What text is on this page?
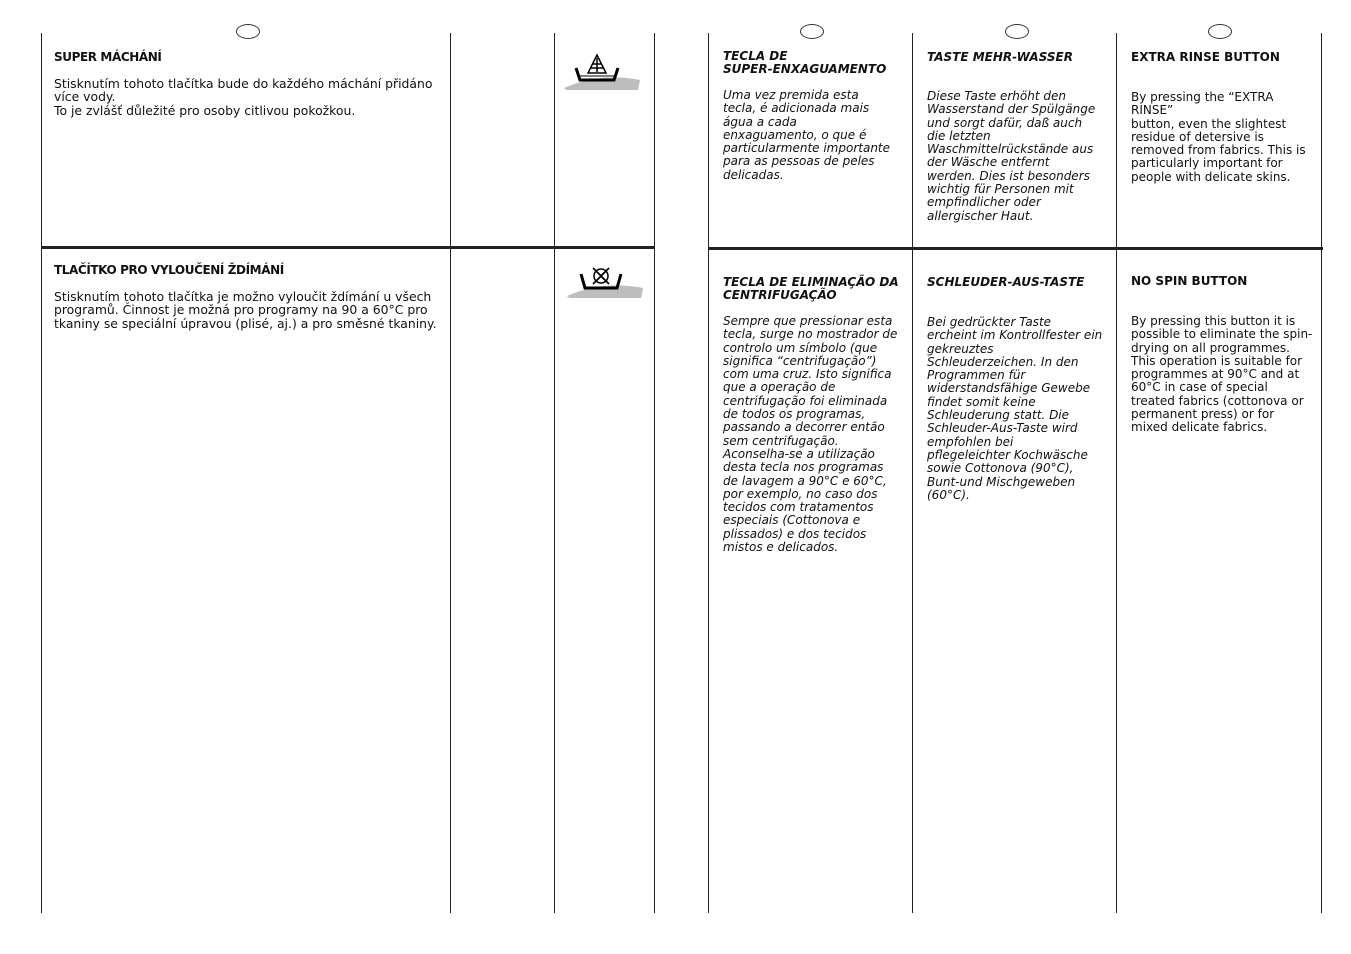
SUPER MÁCHÁNÍ
Stisknutím tohoto tlačítka bude do každého máchání přidáno
více vody.
To je zvlášť důležité pro osoby citlivou pokožkou.
TLAČÍTKO PRO VYLOUČENÍ ŽDÍMÁNÍ
Stisknutím tohoto tlačítka je možno vyloučit ždímání u všech
programů. Činnost je možná pro programy na 90 a 60°C pro
tkaniny se speciální úpravou (plisé, aj.) a pro směsné tkaniny.
TECLA DE
SUPER-ENXAGUAMENTO
Uma vez premida esta
tecla, é adicionada mais
água a cada
enxaguamento, o que é
particularmente importante
para as pessoas de peles
delicadas.
TECLA DE ELIMINAÇÃO DA
CENTRIFUGAÇÃO
Sempre que pressionar esta
tecla, surge no mostrador de
controlo um símbolo (que
significa “centrifugação”)
com uma cruz. Isto significa
que a operação de
centrifugação foi eliminada
de todos os programas,
passando a decorrer então
sem centrifugação.
Aconselha-se a utilização
desta tecla nos programas
de lavagem a 90°C e 60°C,
por exemplo, no caso dos
tecidos com tratamentos
especiais (Cottonova e
plissados) e dos tecidos
mistos e delicados.
TASTE MEHR-WASSER
Diese Taste erhöht den
Wasserstand der Spülgänge
und sorgt dafür, daß auch
die letzten
Waschmittelrückstände aus
der Wäsche entfernt
werden. Dies ist besonders
wichtig für Personen mit
empfindlicher oder
allergischer Haut.
SCHLEUDER-AUS-TASTE
Bei gedrückter Taste
ercheint im Kontrollfester ein
gekreuztes
Schleuderzeichen. In den
Programmen für
widerstandsfähige Gewebe
findet somit keine
Schleuderung statt. Die
Schleuder-Aus-Taste wird
empfohlen bei
pflegeleichter Kochwäsche
sowie Cottonova (90°C),
Bunt-und Mischgeweben
(60°C).
EXTRA RINSE BUTTON
By pressing the “EXTRA RINSE”
button, even the slightest
residue of detersive is
removed from fabrics. This is
particularly important for
people with delicate skins.
NO SPIN BUTTON
By pressing this button it is
possible to eliminate the spin-
drying on all programmes.
This operation is suitable for
programmes at 90°C and at
60°C in case of special
treated fabrics (cottonova or
permanent press) or for
mixed delicate fabrics.
